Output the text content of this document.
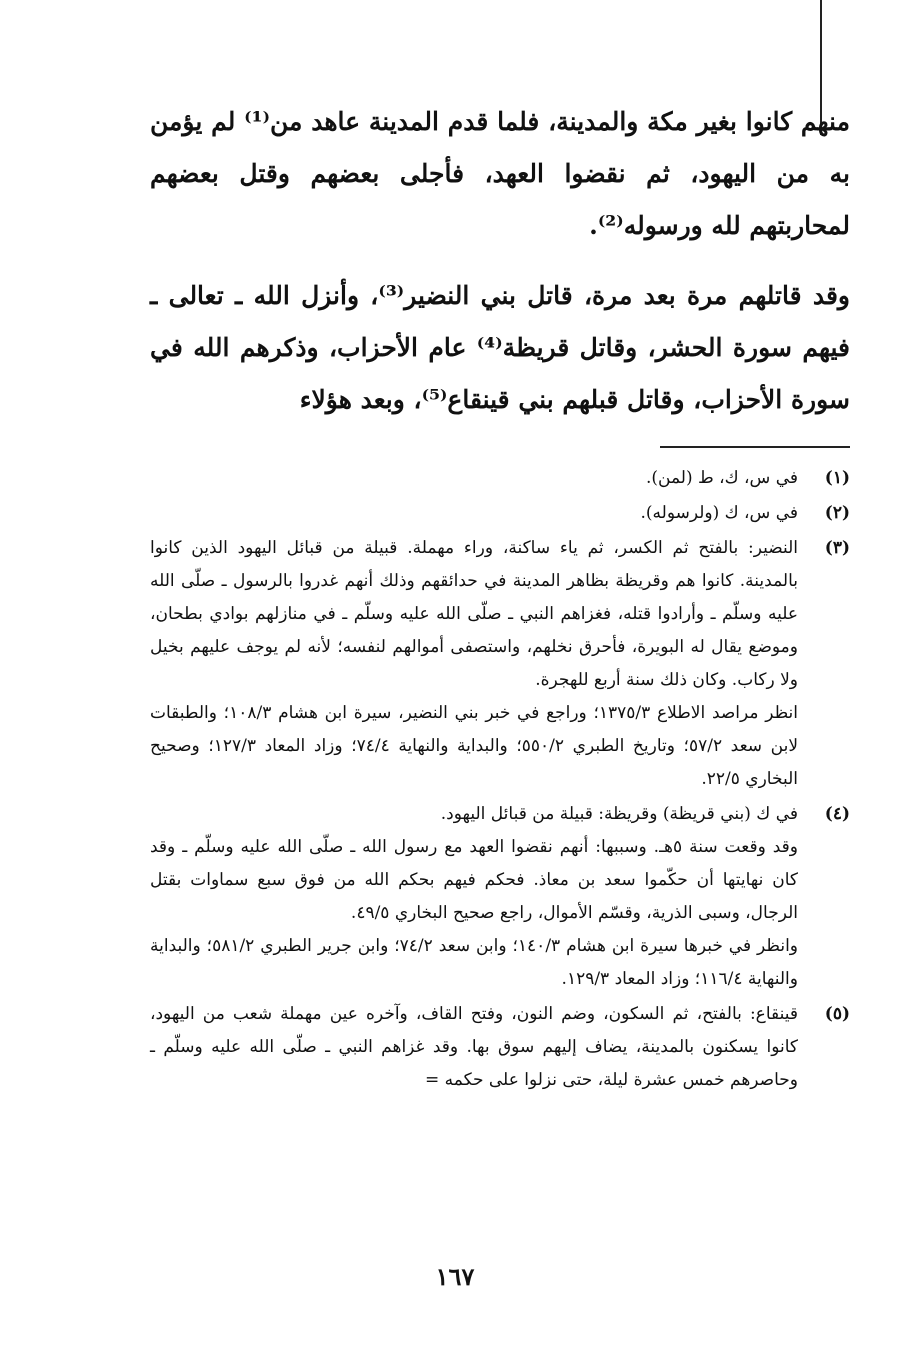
منهم كانوا بغير مكة والمدينة، فلما قدم المدينة عاهد من⁽¹⁾ لم يؤمن به من اليهود، ثم نقضوا العهد، فأجلى بعضهم وقتل بعضهم لمحاربتهم لله ورسوله⁽²⁾.

وقد قاتلهم مرة بعد مرة، قاتل بني النضير⁽³⁾، وأنزل الله ـ تعالى ـ فيهم سورة الحشر، وقاتل قريظة⁽⁴⁾ عام الأحزاب، وذكرهم الله في سورة الأحزاب، وقاتل قبلهم بني قينقاع⁽⁵⁾، وبعد هؤلاء

(١)

في س، ك، ط (لمن).

(٢)

في س، ك (ولرسوله).

(٣)

النضير: بالفتح ثم الكسر، ثم ياء ساكنة، وراء مهملة. قبيلة من قبائل اليهود الذين كانوا بالمدينة. كانوا هم وقريظة بظاهر المدينة في حدائقهم وذلك أنهم غدروا بالرسول ـ صلّى الله عليه وسلّم ـ وأرادوا قتله، فغزاهم النبي ـ صلّى الله عليه وسلّم ـ في منازلهم بوادي بطحان، وموضع يقال له البويرة، فأحرق نخلهم، واستصفى أموالهم لنفسه؛ لأنه لم يوجف عليهم بخيل ولا ركاب. وكان ذلك سنة أربع للهجرة.

انظر مراصد الاطلاع ١٣٧٥/٣؛ وراجع في خبر بني النضير، سيرة ابن هشام ١٠٨/٣؛ والطبقات لابن سعد ٥٧/٢؛ وتاريخ الطبري ٥٥٠/٢؛ والبداية والنهاية ٧٤/٤؛ وزاد المعاد ١٢٧/٣؛ وصحيح البخاري ٢٢/٥.

(٤)

في ك (بني قريظة) وقريظة: قبيلة من قبائل اليهود.

وقد وقعت سنة ٥هـ. وسببها: أنهم نقضوا العهد مع رسول الله ـ صلّى الله عليه وسلّم ـ وقد كان نهايتها أن حكّموا سعد بن معاذ. فحكم فيهم بحكم الله من فوق سبع سماوات بقتل الرجال، وسبى الذرية، وقسّم الأموال، راجع صحيح البخاري ٤٩/٥.

وانظر في خبرها سيرة ابن هشام ١٤٠/٣؛ وابن سعد ٧٤/٢؛ وابن جرير الطبري ٥٨١/٢؛ والبداية والنهاية ١١٦/٤؛ وزاد المعاد ١٢٩/٣.

(٥)

قينقاع: بالفتح، ثم السكون، وضم النون، وفتح القاف، وآخره عين مهملة شعب من اليهود، كانوا يسكنون بالمدينة، يضاف إليهم سوق بها. وقد غزاهم النبي ـ صلّى الله عليه وسلّم ـ وحاصرهم خمس عشرة ليلة، حتى نزلوا على حكمه =

١٦٧
